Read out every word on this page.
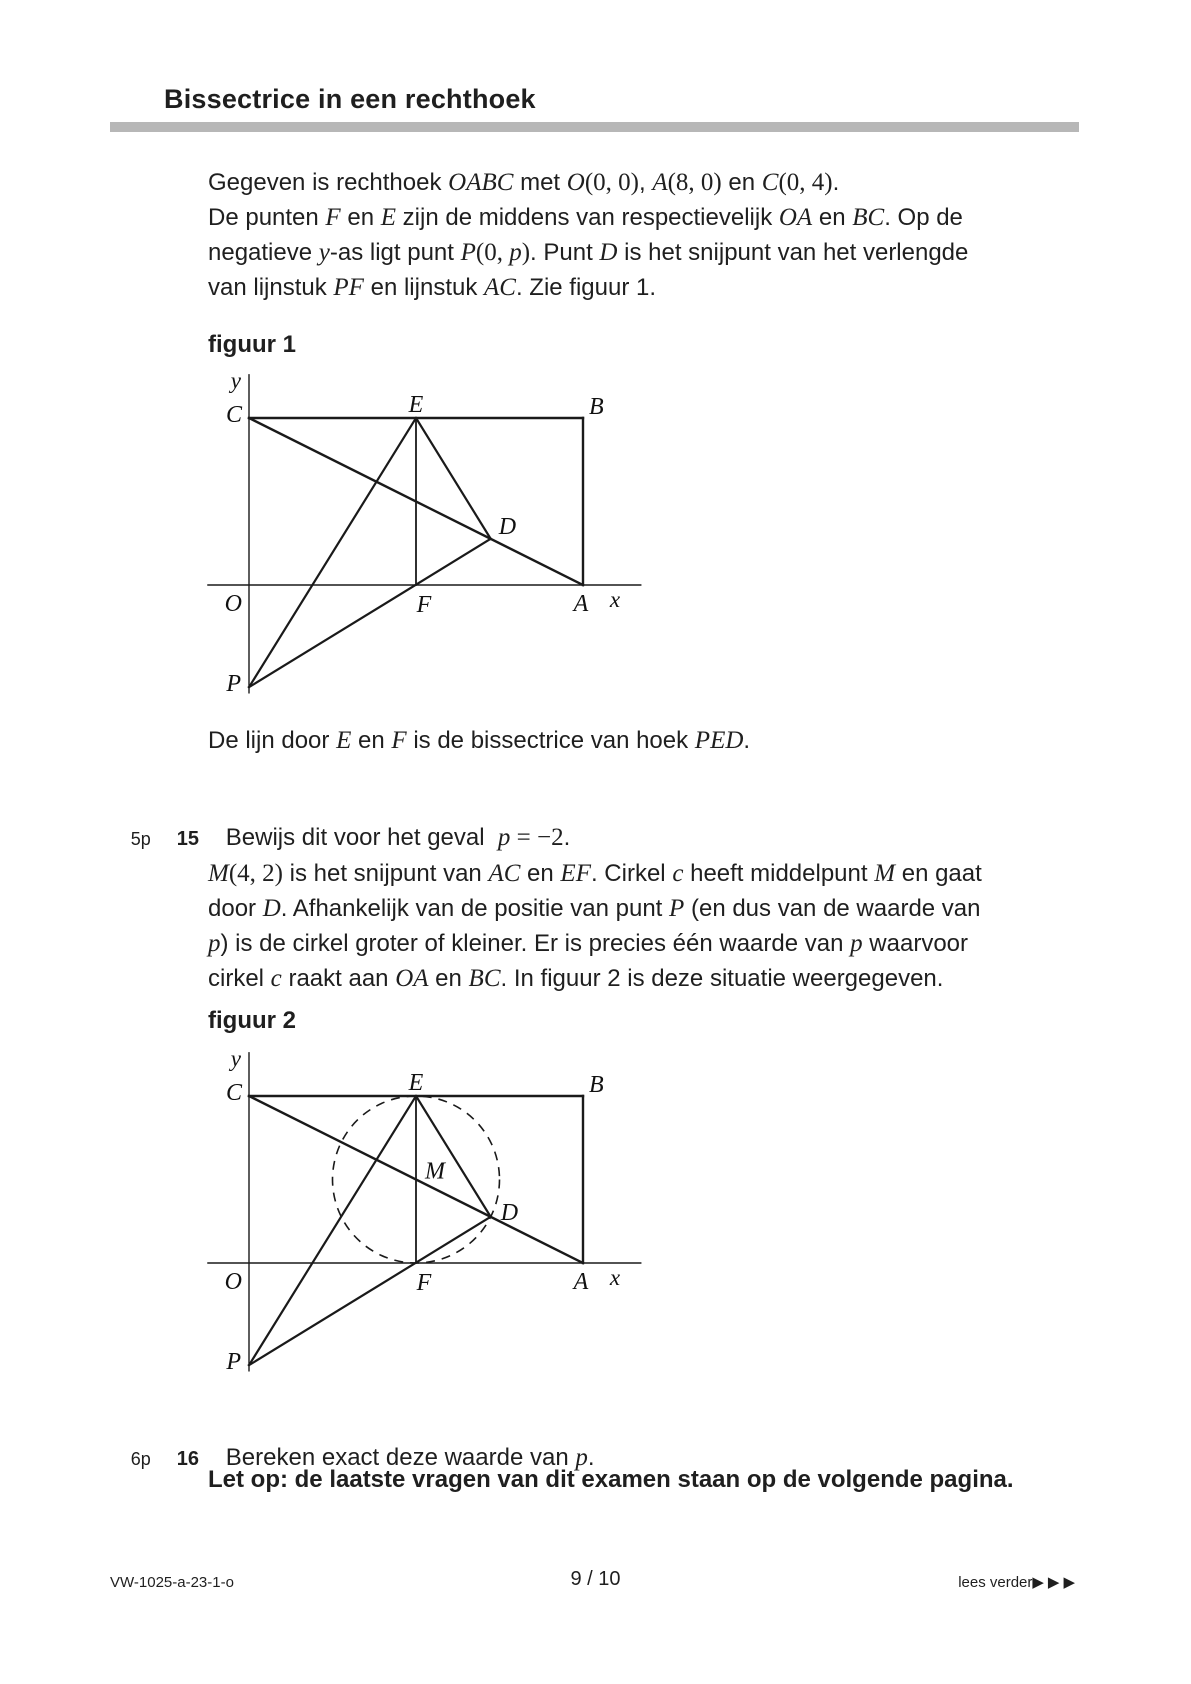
Bissectrice in een rechthoek
Gegeven is rechthoek OABC met O(0, 0), A(8, 0) en C(0, 4).
De punten F en E zijn de middens van respectievelijk OA en BC. Op de
negatieve y-as ligt punt P(0, p). Punt D is het snijpunt van het verlengde
van lijnstuk PF en lijnstuk AC. Zie figuur 1.
figuur 1
y
x
C	E	B
O	F	A
D
P
De lijn door E en F is de bissectrice van hoek PED.

5p 15 Bewijs dit voor het geval  p = −2.

M(4, 2) is het snijpunt van AC en EF. Cirkel c heeft middelpunt M en gaat
door D. Afhankelijk van de positie van punt P (en dus van de waarde van
p) is de cirkel groter of kleiner. Er is precies één waarde van p waarvoor
cirkel c raakt aan OA en BC. In figuur 2 is deze situatie weergegeven.
figuur 2
y
x
C	E	B
O	F	A
M
D
P

6p 16 Bereken exact deze waarde van p.

Let op: de laatste vragen van dit examen staan op de volgende pagina.
VW-1025-a-23-1-o	9 / 10	lees verder▶▶▶
